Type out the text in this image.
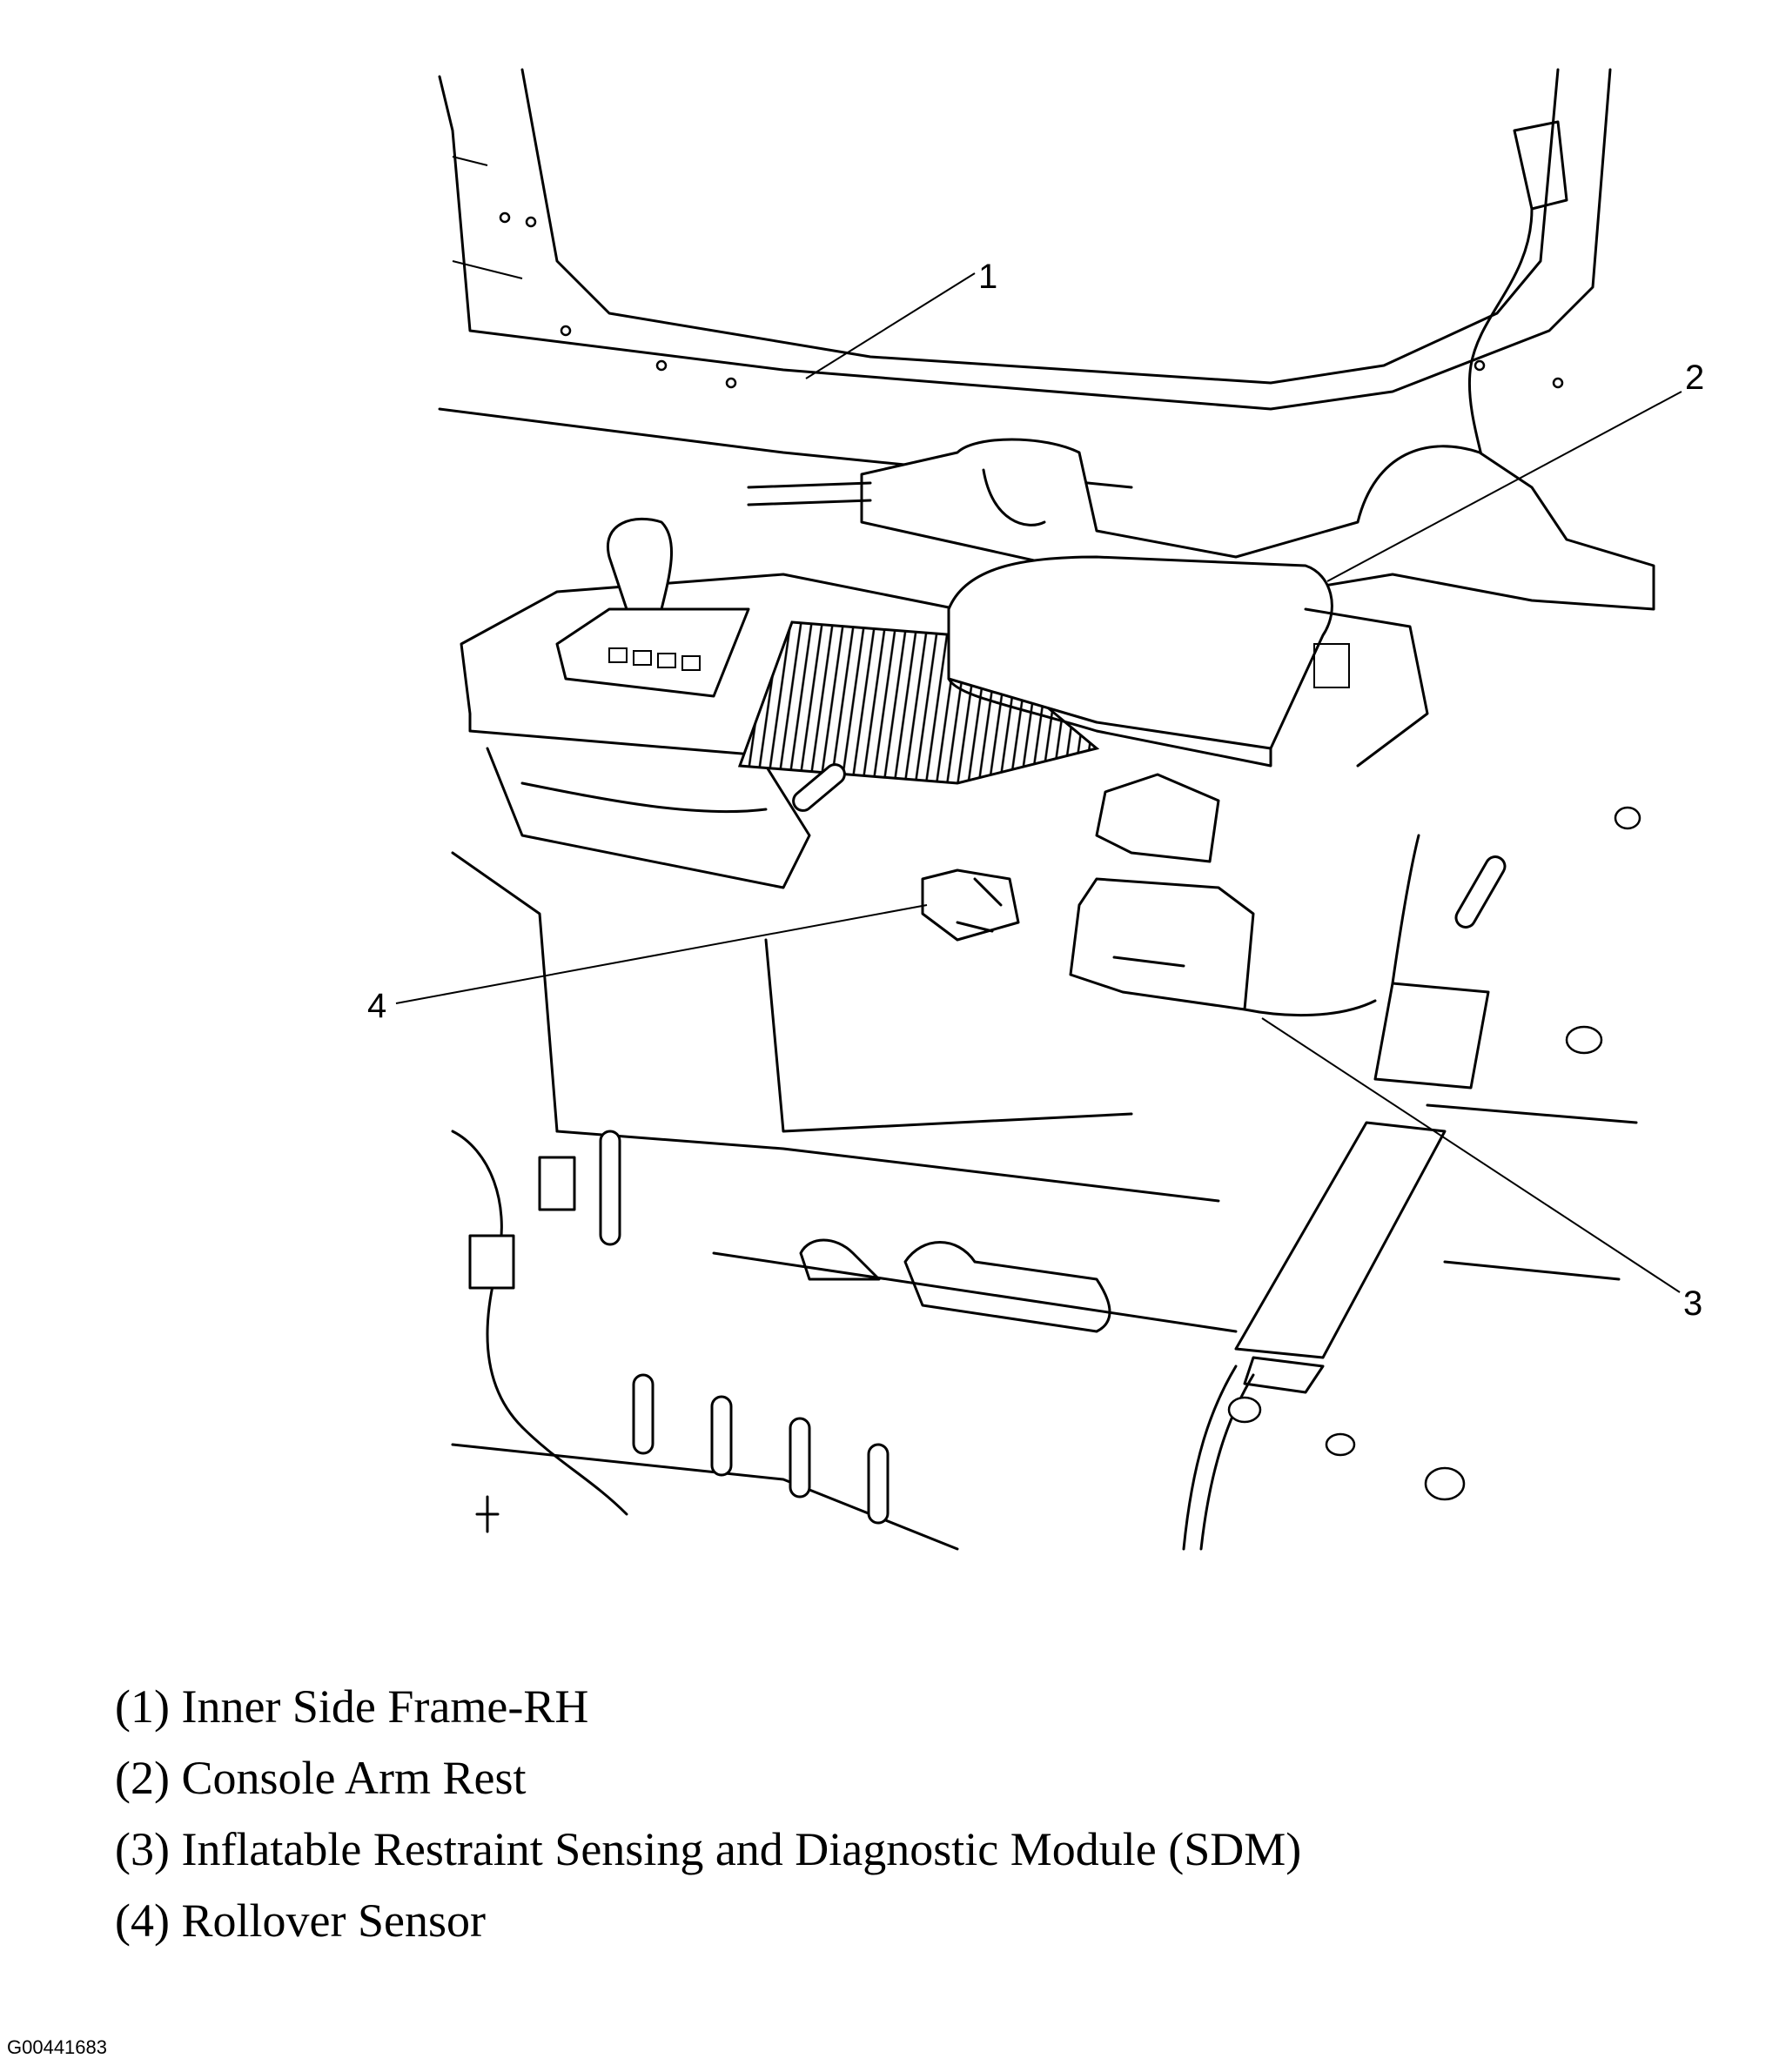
1
2
3
4
(1) Inner Side Frame-RH
(2) Console Arm Rest
(3) Inflatable Restraint Sensing and Diagnostic Module (SDM)
(4) Rollover Sensor
G00441683
